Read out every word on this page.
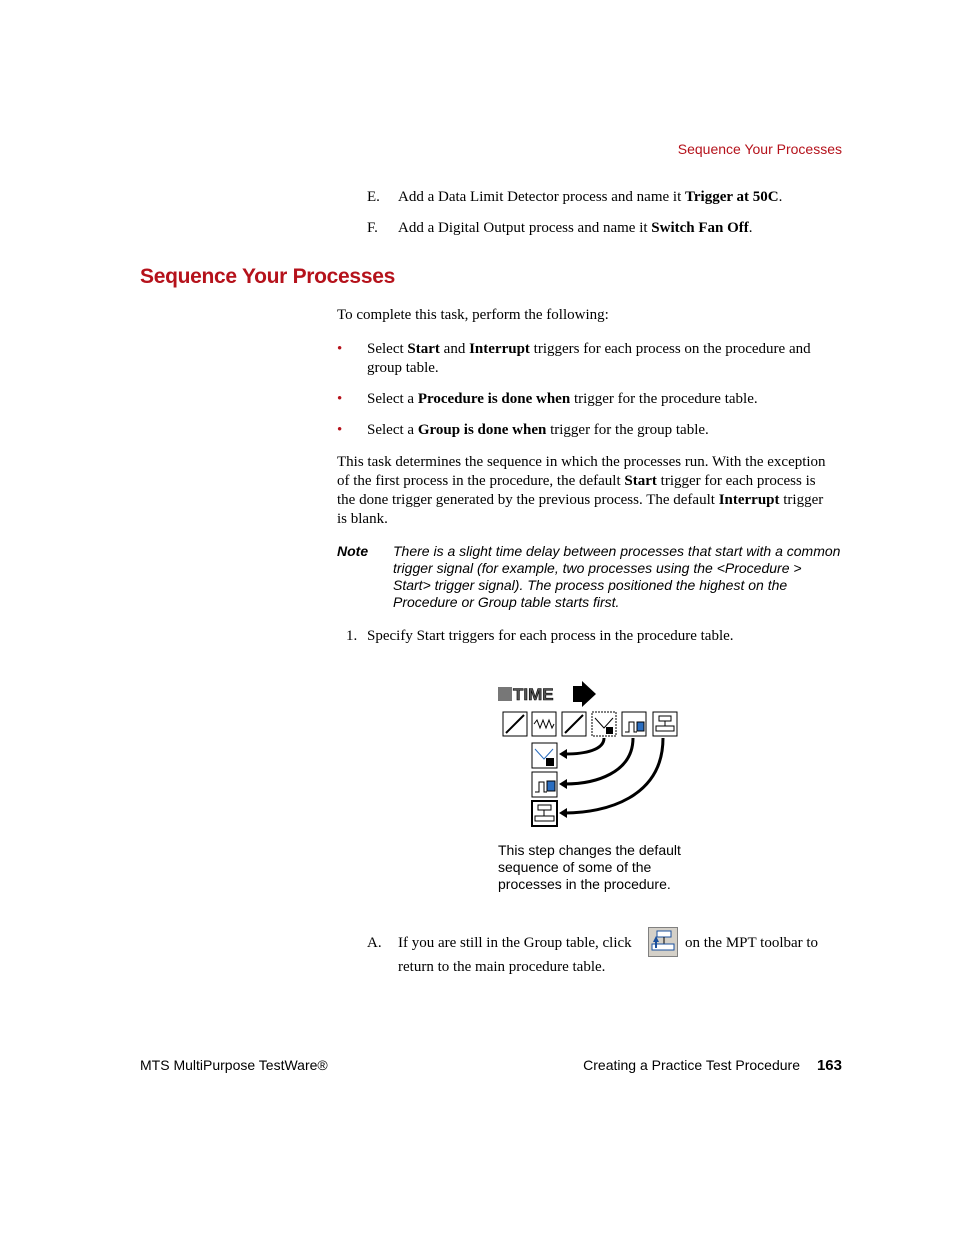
Sequence Your Processes
E. Add a Data Limit Detector process and name it Trigger at 50C.
F. Add a Digital Output process and name it Switch Fan Off.
Sequence Your Processes
To complete this task, perform the following:
• Select Start and Interrupt triggers for each process on the procedure and
group table.
• Select a Procedure is done when trigger for the procedure table.
• Select a Group is done when trigger for the group table.
This task determines the sequence in which the processes run. With the exception
of the first process in the procedure, the default Start trigger for each process is
the done trigger generated by the previous process. The default Interrupt trigger
is blank.
Note There is a slight time delay between processes that start with a common trigger signal (for example, two processes using the <Procedure > Start> trigger signal). The process positioned the highest on the Procedure or Group table starts first.
1. Specify Start triggers for each process in the procedure table.
TIME
This step changes the default sequence of some of the processes in the procedure.
A. If you are still in the Group table, click	on the MPT toolbar to
return to the main procedure table.
MTS MultiPurpose TestWare®	Creating a Practice Test Procedure 163
